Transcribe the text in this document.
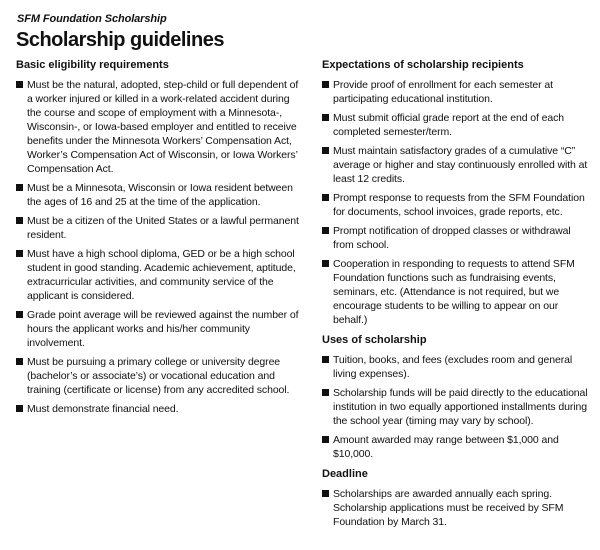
SFM Foundation Scholarship
Scholarship guidelines
Basic eligibility requirements
Must be the natural, adopted, step-child or full dependent of a worker injured or killed in a work-related accident during the course and scope of employment with a Minnesota-, Wisconsin-, or Iowa-based employer and entitled to receive benefits under the Minnesota Workers’ Compensation Act, Worker’s Compensation Act of Wisconsin, or Iowa Workers’ Compensation Act.
Must be a Minnesota, Wisconsin or Iowa resident between the ages of 16 and 25 at the time of the application.
Must be a citizen of the United States or a lawful permanent resident.
Must have a high school diploma, GED or be a high school student in good standing. Academic achievement, aptitude, extracurricular activities, and community service of the applicant is considered.
Grade point average will be reviewed against the number of hours the applicant works and his/her community involvement.
Must be pursuing a primary college or university degree (bachelor’s or associate’s) or vocational education and training (certificate or license) from any accredited school.
Must demonstrate financial need.
Expectations of scholarship recipients
Provide proof of enrollment for each semester at participating educational institution.
Must submit official grade report at the end of each completed semester/term.
Must maintain satisfactory grades of a cumulative “C” average or higher and stay continuously enrolled with at least 12 credits.
Prompt response to requests from the SFM Foundation for documents, school invoices, grade reports, etc.
Prompt notification of dropped classes or withdrawal from school.
Cooperation in responding to requests to attend SFM Foundation functions such as fundraising events, seminars, etc. (Attendance is not required, but we encourage students to be willing to appear on our behalf.)
Uses of scholarship
Tuition, books, and fees (excludes room and general living expenses).
Scholarship funds will be paid directly to the educational institution in two equally apportioned installments during the school year (timing may vary by school).
Amount awarded may range between $1,000 and $10,000.
Deadline
Scholarships are awarded annually each spring. Scholarship applications must be received by SFM Foundation by March 31.
